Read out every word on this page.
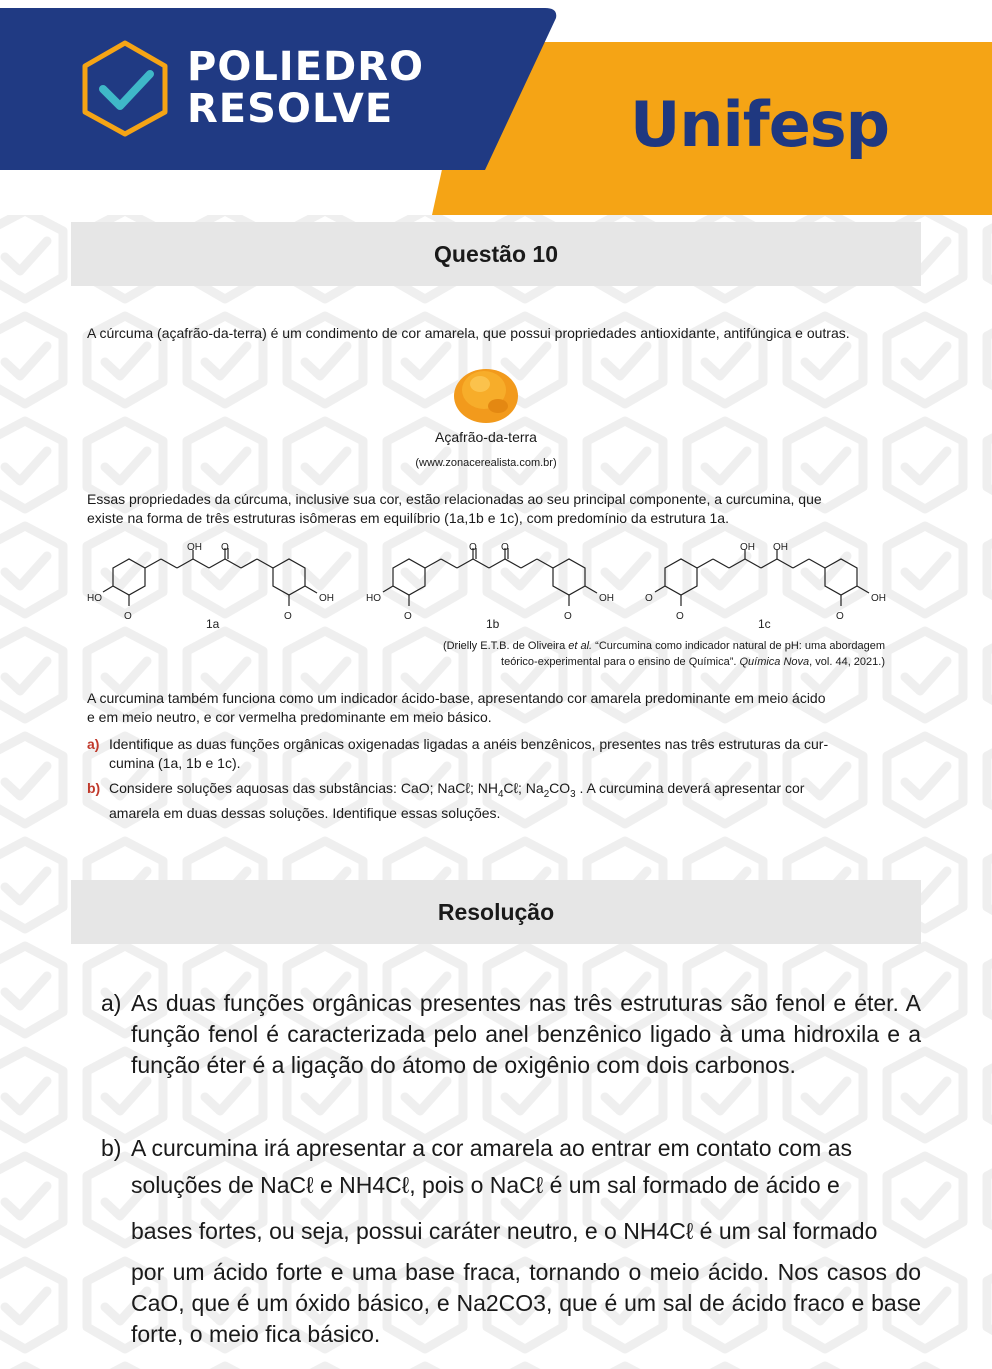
POLIEDRO
RESOLVE	Unifesp
Questão 10
A cúrcuma (açafrão-da-terra) é um condimento de cor amarela, que possui propriedades antioxidante, antifúngica e outras.
Açafrão-da-terra
(www.zonacerealista.com.br)
Essas propriedades da cúrcuma, inclusive sua cor, estão relacionadas ao seu principal componente, a curcumina, que
existe na forma de três estruturas isômeras em equilíbrio (1a,1b e 1c), com predomínio da estrutura 1a.
OH O
HO
O	O
OH
1a
O O
HO
O	O
OH
1b
OH OH
O
O	O
OH
1c
(Drielly E.T.B. de Oliveira et al. “Curcumina como indicador natural de pH: uma abordagem
teórico-experimental para o ensino de Química”. Química Nova, vol. 44, 2021.)
A curcumina também funciona como um indicador ácido-base, apresentando cor amarela predominante em meio ácido
e em meio neutro, e cor vermelha predominante em meio básico.
a) Identifique as duas funções orgânicas oxigenadas ligadas a anéis benzênicos, presentes nas três estruturas da cur-
cumina (1a, 1b e 1c).
b) Considere soluções aquosas das substâncias: CaO; NaCℓ; $NH_4C\ell$; $Na_2CO_3$ . A curcumina deverá apresentar cor
amarela em duas dessas soluções. Identifique essas soluções.
Resolução
a) As duas funções orgânicas presentes nas três estruturas são fenol e éter. A função fenol é caracterizada pelo anel benzênico ligado à uma hidroxila e a função éter é a ligação do átomo de oxigênio com dois carbonos.
b) A curcumina irá apresentar a cor amarela ao entrar em contato com as
soluções de NaCℓ e NH4Cℓ, pois o NaCℓ é um sal formado de ácido e
bases fortes, ou seja, possui caráter neutro, e o NH4Cℓ é um sal formado
por um ácido forte e uma base fraca, tornando o meio ácido. Nos casos do CaO, que é um óxido básico, e Na2CO3, que é um sal de ácido fraco e base forte, o meio fica básico.
